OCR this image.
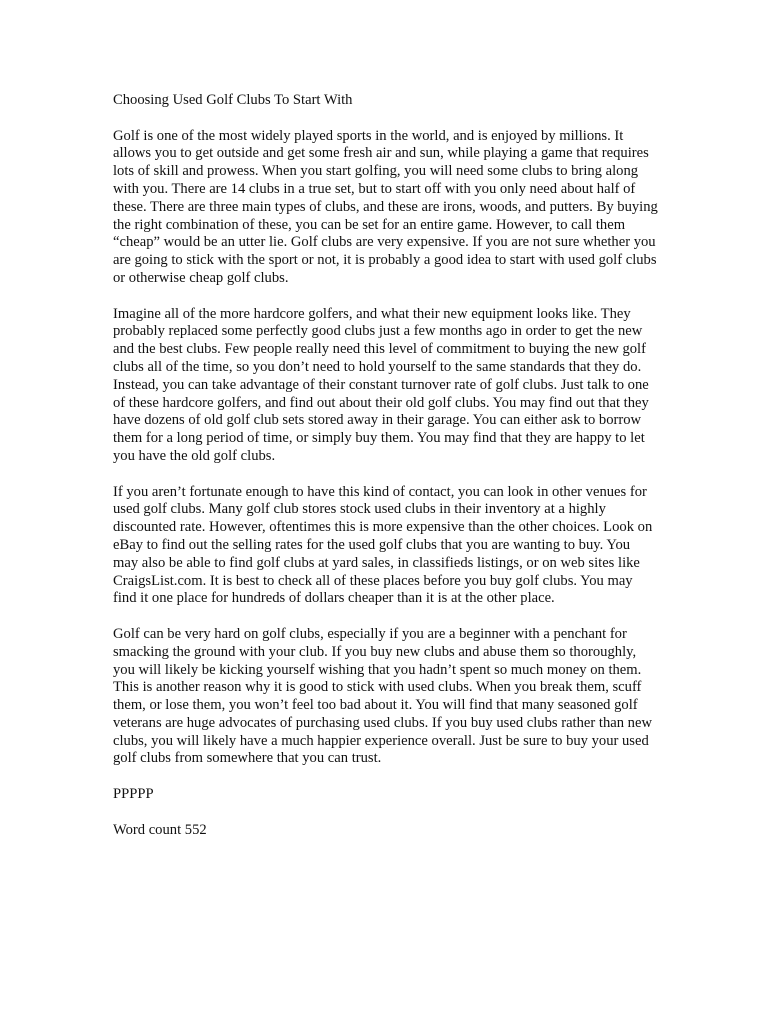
Choosing Used Golf Clubs To Start With

Golf is one of the most widely played sports in the world, and is enjoyed by millions. It allows you to get outside and get some fresh air and sun, while playing a game that requires lots of skill and prowess. When you start golfing, you will need some clubs to bring along with you. There are 14 clubs in a true set, but to start off with you only need about half of these. There are three main types of clubs, and these are irons, woods, and putters. By buying the right combination of these, you can be set for an entire game. However, to call them “cheap” would be an utter lie. Golf clubs are very expensive. If you are not sure whether you are going to stick with the sport or not, it is probably a good idea to start with used golf clubs or otherwise cheap golf clubs.

Imagine all of the more hardcore golfers, and what their new equipment looks like. They probably replaced some perfectly good clubs just a few months ago in order to get the new and the best clubs. Few people really need this level of commitment to buying the new golf clubs all of the time, so you don’t need to hold yourself to the same standards that they do. Instead, you can take advantage of their constant turnover rate of golf clubs. Just talk to one of these hardcore golfers, and find out about their old golf clubs. You may find out that they have dozens of old golf club sets stored away in their garage. You can either ask to borrow them for a long period of time, or simply buy them. You may find that they are happy to let you have the old golf clubs.

If you aren’t fortunate enough to have this kind of contact, you can look in other venues for used golf clubs. Many golf club stores stock used clubs in their inventory at a highly discounted rate. However, oftentimes this is more expensive than the other choices. Look on eBay to find out the selling rates for the used golf clubs that you are wanting to buy. You may also be able to find golf clubs at yard sales, in classifieds listings, or on web sites like CraigsList.com. It is best to check all of these places before you buy golf clubs. You may find it one place for hundreds of dollars cheaper than it is at the other place.

Golf can be very hard on golf clubs, especially if you are a beginner with a penchant for smacking the ground with your club. If you buy new clubs and abuse them so thoroughly, you will likely be kicking yourself wishing that you hadn’t spent so much money on them. This is another reason why it is good to stick with used clubs. When you break them, scuff them, or lose them, you won’t feel too bad about it. You will find that many seasoned golf veterans are huge advocates of purchasing used clubs. If you buy used clubs rather than new clubs, you will likely have a much happier experience overall. Just be sure to buy your used golf clubs from somewhere that you can trust.

PPPPP

Word count 552
